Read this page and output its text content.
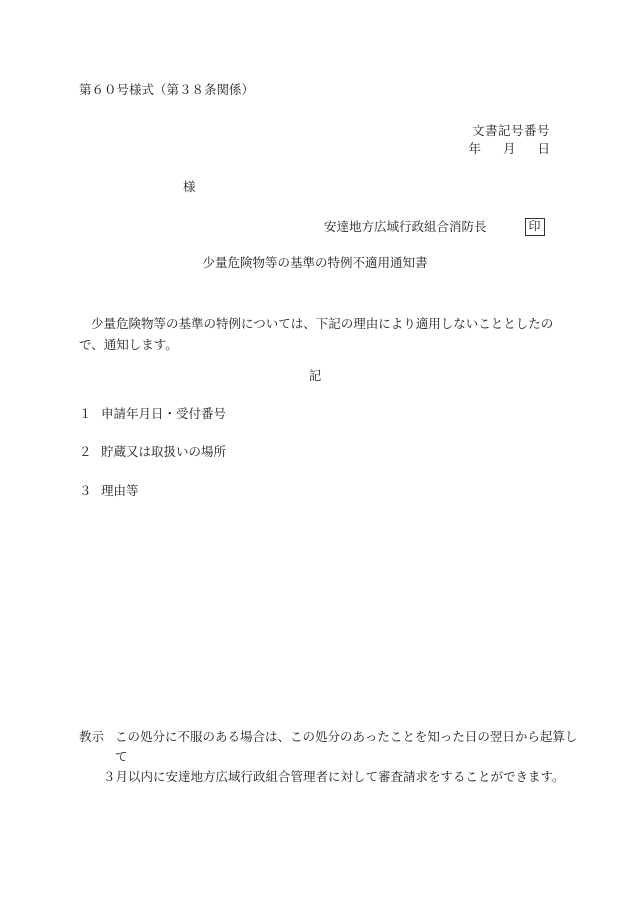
第６０号様式（第３８条関係）
文書記号番号
年 月 日
様
安達地方広域行政組合消防長	印
少量危険物等の基準の特例不適用通知書
少量危険物等の基準の特例については、下記の理由により適用しないこととしたので、通知します。
記
１ 申請年月日・受付番号
２ 貯蔵又は取扱いの場所
３ 理由等
教示 この処分に不服のある場合は、この処分のあったことを知った日の翌日から起算して
３月以内に安達地方広域行政組合管理者に対して審査請求をすることができます。
